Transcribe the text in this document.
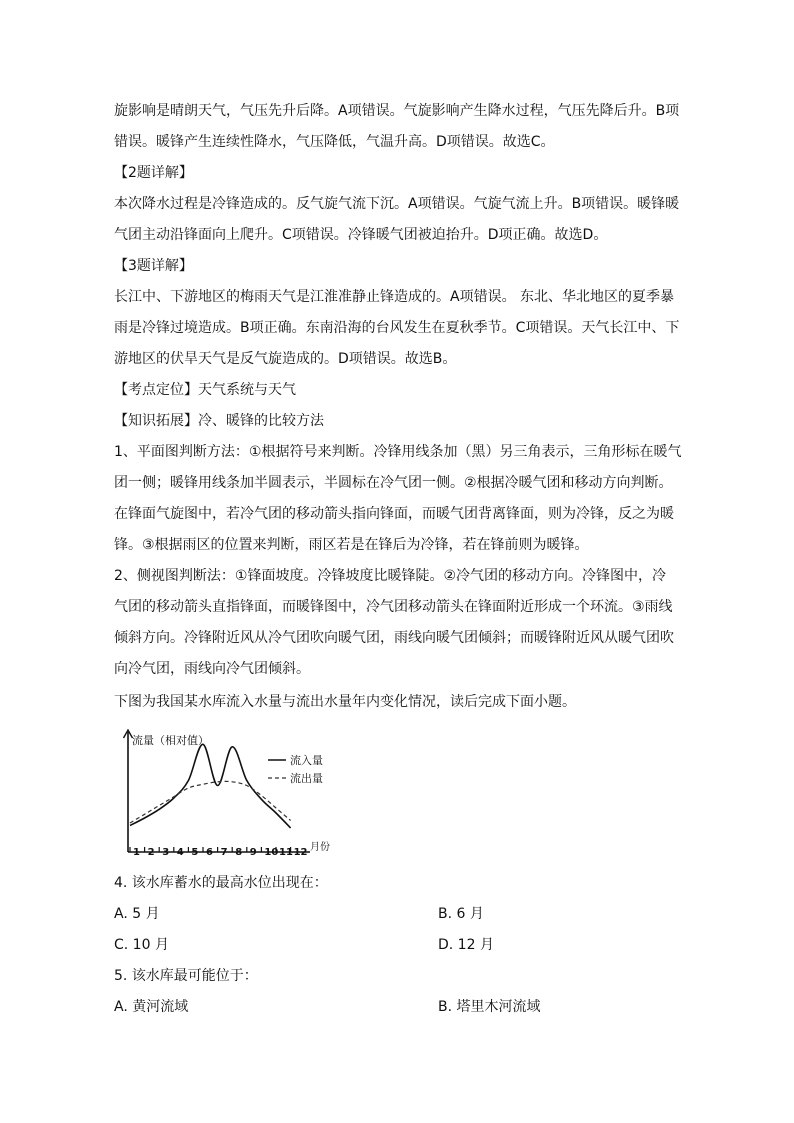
旋影响是晴朗天气，气压先升后降。A项错误。气旋影响产生降水过程，气压先降后升。B项
错误。暖锋产生连续性降水，气压降低，气温升高。D项错误。故选C。
【2题详解】
本次降水过程是冷锋造成的。反气旋气流下沉。A项错误。气旋气流上升。B项错误。暖锋暖
气团主动沿锋面向上爬升。C项错误。冷锋暖气团被迫抬升。D项正确。故选D。
【3题详解】
长江中、下游地区的梅雨天气是江淮准静止锋造成的。A项错误。 东北、华北地区的夏季暴
雨是冷锋过境造成。B项正确。东南沿海的台风发生在夏秋季节。C项错误。天气长江中、下
游地区的伏旱天气是反气旋造成的。D项错误。故选B。
【考点定位】天气系统与天气
【知识拓展】冷、暖锋的比较方法
1、平面图判断方法：①根据符号来判断。冷锋用线条加（黑）另三角表示，三角形标在暖气
团一侧；暖锋用线条加半圆表示，半圆标在冷气团一侧。②根据冷暖气团和移动方向判断。
在锋面气旋图中，若冷气团的移动箭头指向锋面，而暖气团背离锋面，则为冷锋，反之为暖
锋。③根据雨区的位置来判断，雨区若是在锋后为冷锋，若在锋前则为暖锋。
2、侧视图判断法：①锋面坡度。冷锋坡度比暖锋陡。②冷气团的移动方向。冷锋图中，冷
气团的移动箭头直指锋面，而暖锋图中，冷气团移动箭头在锋面附近形成一个环流。③雨线
倾斜方向。冷锋附近风从冷气团吹向暖气团，雨线向暖气团倾斜；而暖锋附近风从暖气团吹
向冷气团，雨线向冷气团倾斜。
下图为我国某水库流入水量与流出水量年内变化情况，读后完成下面小题。
流量（相对值）
月份
1 2 3 4 5 6 7 8 9 10 11 12
流入量
流出量
4. 该水库蓄水的最高水位出现在：
A. 5 月	B. 6 月
C. 10 月	D. 12 月
5. 该水库最可能位于：
A. 黄河流域	B. 塔里木河流域
